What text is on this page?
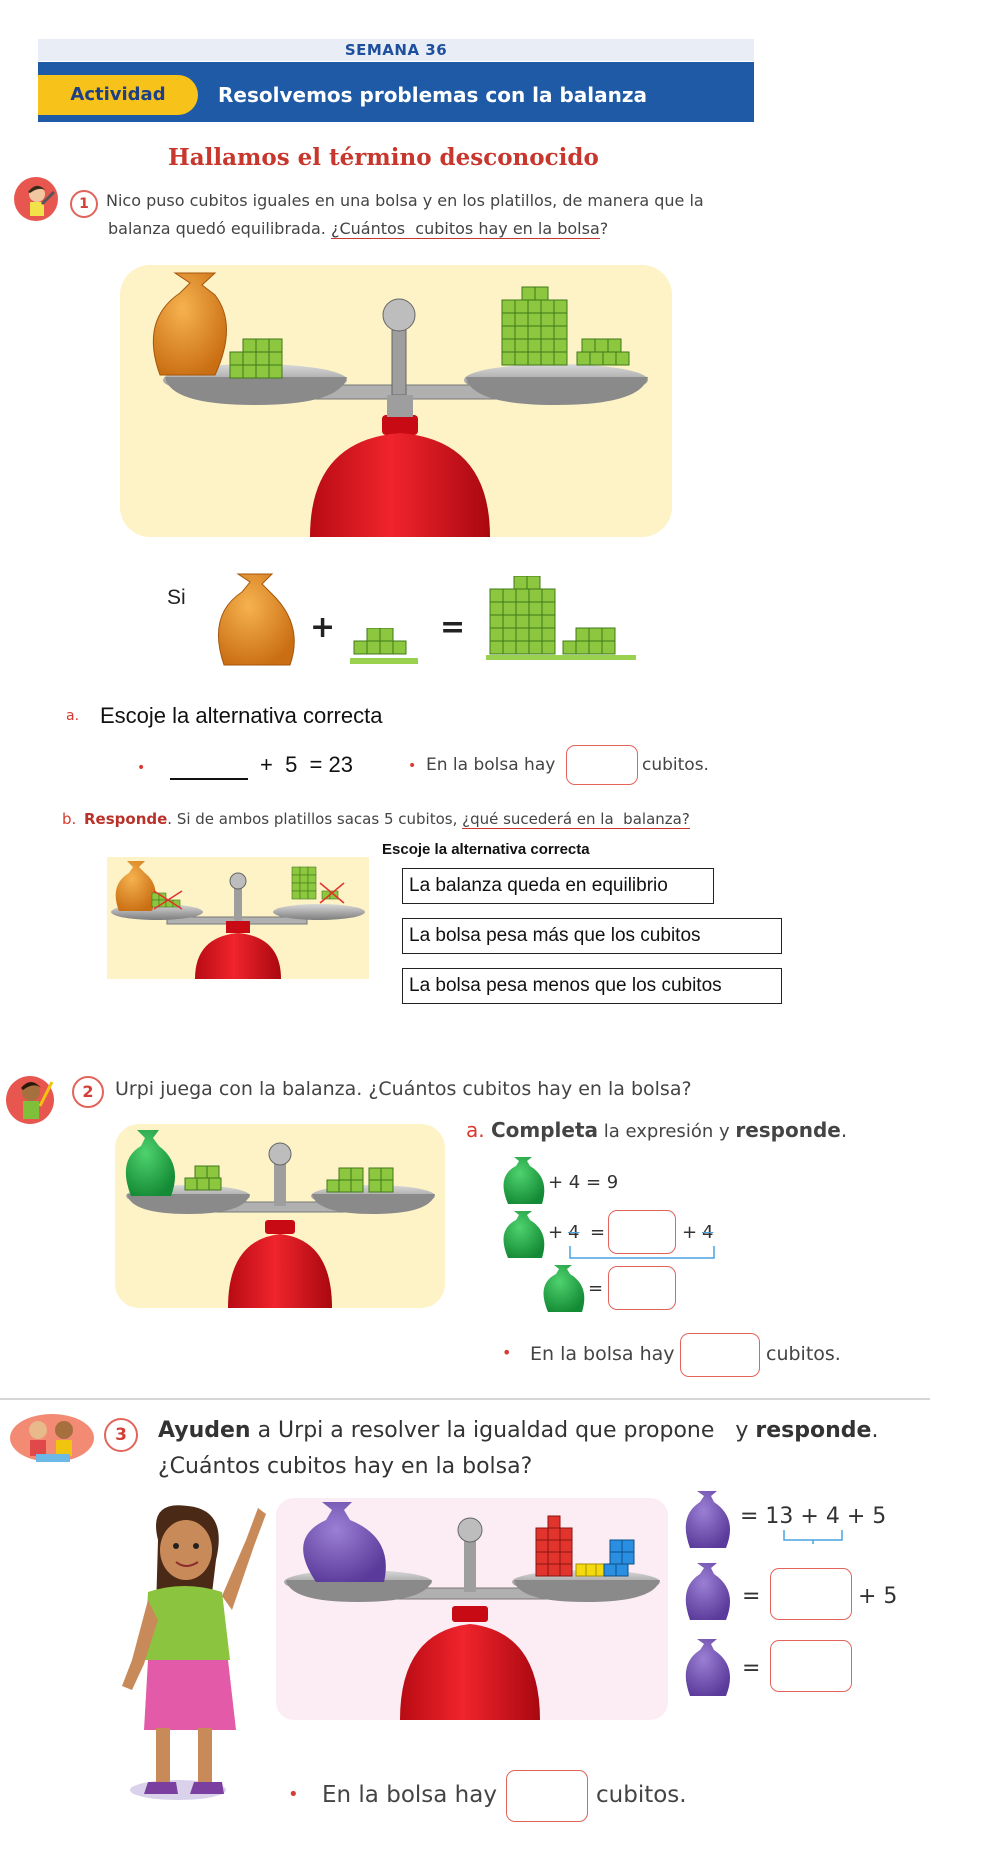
SEMANA 36
Actividad	Resolvemos problemas con la balanza
Hallamos el término desconocido
1	Nico puso cubitos iguales en una bolsa y en los platillos, de manera que la
balanza quedó equilibrada. ¿Cuántos  cubitos hay en la bolsa?
Si
+	=
a. Escoje la alternativa correcta
•	+  5  = 23	• En la bolsa hay	cubitos.
b. Responde. Si de ambos platillos sacas 5 cubitos, ¿qué sucederá en la  balanza?
Escoje la alternativa correcta
La balanza queda en equilibrio
La bolsa pesa más que los cubitos
La bolsa pesa menos que los cubitos
2	Urpi juega con la balanza. ¿Cuántos cubitos hay en la bolsa?
a. Completa la expresión y responde.
+ 4 = 9
+ 4 =	+ 4
=
• En la bolsa hay	cubitos.
3	Ayuden a Urpi a resolver la igualdad que propone   y responde.
¿Cuántos cubitos hay en la bolsa?
= 13 + 4 + 5
=	+ 5
=
• En la bolsa hay	cubitos.
